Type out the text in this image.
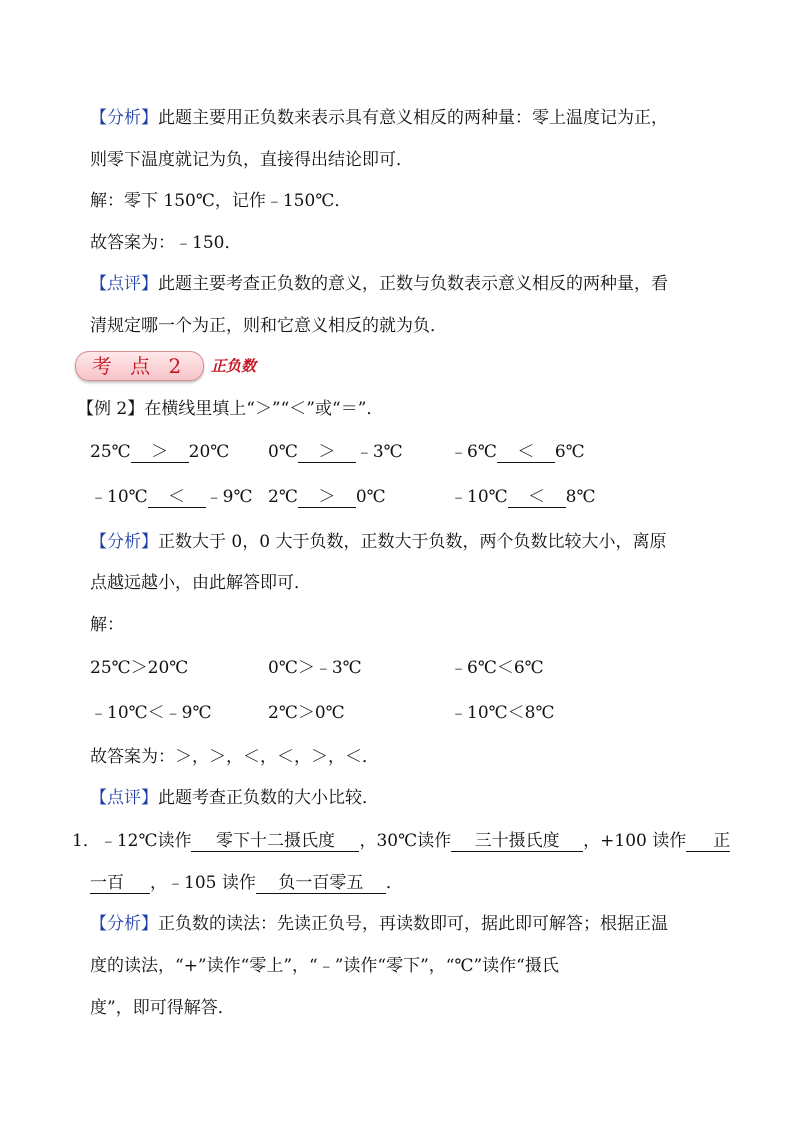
【分析】此题主要用正负数来表示具有意义相反的两种量：零上温度记为正，
则零下温度就记为负，直接得出结论即可．
解：零下 150℃，记作﹣150℃．
故答案为：﹣150．
【点评】此题主要考查正负数的意义，正数与负数表示意义相反的两种量，看
清规定哪一个为正，则和它意义相反的就为负．
考 点 2	正负数
【例 2】在横线里填上“＞”“＜”或“＝”．
25℃ ＞ 20℃ 0℃ ＞ ﹣3℃	﹣6℃ ＜ 6℃
﹣10℃ ＜ ﹣9℃ 2℃ ＞ 0℃	﹣10℃ ＜ 8℃
【分析】正数大于 0，0 大于负数，正数大于负数，两个负数比较大小，离原
点越远越小，由此解答即可．
解：
25℃＞20℃	0℃＞﹣3℃	﹣6℃＜6℃
﹣10℃＜﹣9℃	2℃＞0℃	﹣10℃＜8℃
故答案为：＞，＞，＜，＜，＞，＜．
【点评】此题考查正负数的大小比较．
1．﹣12℃读作 零下十二摄氏度 ，30℃读作 三十摄氏度 ，+100 读作 正
一百 ，﹣105 读作 负一百零五 ．
【分析】正负数的读法：先读正负号，再读数即可，据此即可解答；根据正温
度的读法，“+”读作“零上”，“﹣”读作“零下”，“℃”读作“摄氏
度”，即可得解答．
